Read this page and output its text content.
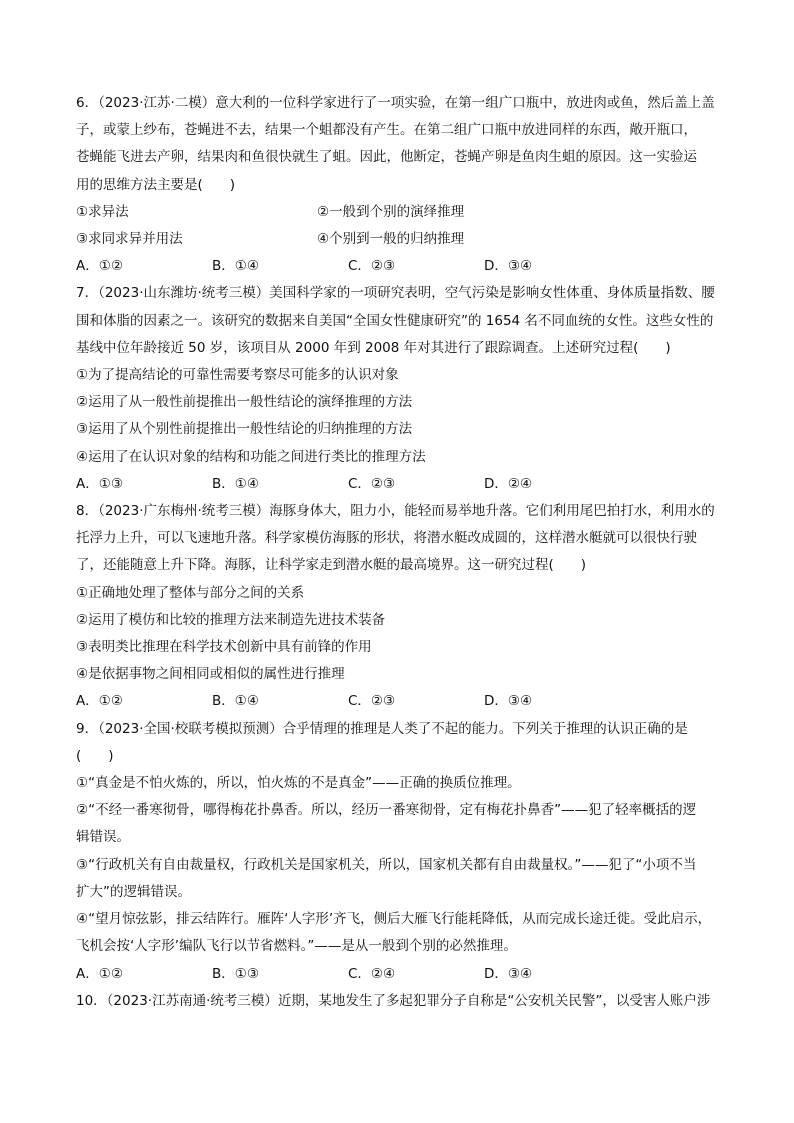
6．（2023·江苏·二模）意大利的一位科学家进行了一项实验，在第一组广口瓶中，放进肉或鱼，然后盖上盖
子，或蒙上纱布，苍蝇进不去，结果一个蛆都没有产生。在第二组广口瓶中放进同样的东西，敞开瓶口，
苍蝇能飞进去产卵，结果肉和鱼很快就生了蛆。因此，他断定，苍蝇产卵是鱼肉生蛆的原因。这一实验运
用的思维方法主要是(　　)
①求异法	②一般到个别的演绎推理
③求同求异并用法	④个别到一般的归纳推理
A．①②	B．①④	C．②③	D．③④
7．（2023·山东潍坊·统考三模）美国科学家的一项研究表明，空气污染是影响女性体重、身体质量指数、腰
围和体脂的因素之一。该研究的数据来自美国“全国女性健康研究”的 1654 名不同血统的女性。这些女性的
基线中位年龄接近 50 岁，该项目从 2000 年到 2008 年对其进行了跟踪调查。上述研究过程(　　)
①为了提高结论的可靠性需要考察尽可能多的认识对象
②运用了从一般性前提推出一般性结论的演绎推理的方法
③运用了从个别性前提推出一般性结论的归纳推理的方法
④运用了在认识对象的结构和功能之间进行类比的推理方法
A．①③	B．①④	C．②③	D．②④
8．（2023·广东梅州·统考三模）海豚身体大，阻力小，能轻而易举地升落。它们利用尾巴拍打水，利用水的
托浮力上升，可以飞速地升落。科学家模仿海豚的形状，将潜水艇改成圆的，这样潜水艇就可以很快行驶
了，还能随意上升下降。海豚，让科学家走到潜水艇的最高境界。这一研究过程(　　)
①正确地处理了整体与部分之间的关系
②运用了模仿和比较的推理方法来制造先进技术装备
③表明类比推理在科学技术创新中具有前锋的作用
④是依据事物之间相同或相似的属性进行推理
A．①②	B．①④	C．②③	D．③④
9．（2023·全国·校联考模拟预测）合乎情理的推理是人类了不起的能力。下列关于推理的认识正确的是
(　　)
①“真金是不怕火炼的，所以，怕火炼的不是真金”——正确的换质位推理。
②“不经一番寒彻骨，哪得梅花扑鼻香。所以，经历一番寒彻骨，定有梅花扑鼻香”——犯了轻率概括的逻
辑错误。
③“行政机关有自由裁量权，行政机关是国家机关，所以，国家机关都有自由裁量权。”——犯了“小项不当
扩大”的逻辑错误。
④“望月惊弦影，排云结阵行。雁阵‘人字形’齐飞，侧后大雁飞行能耗降低，从而完成长途迁徙。受此启示，
飞机会按‘人字形’编队飞行以节省燃料。”——是从一般到个别的必然推理。
A．①②	B．①③	C．②④	D．③④
10．（2023·江苏南通·统考三模）近期，某地发生了多起犯罪分子自称是“公安机关民警”，以受害人账户涉
